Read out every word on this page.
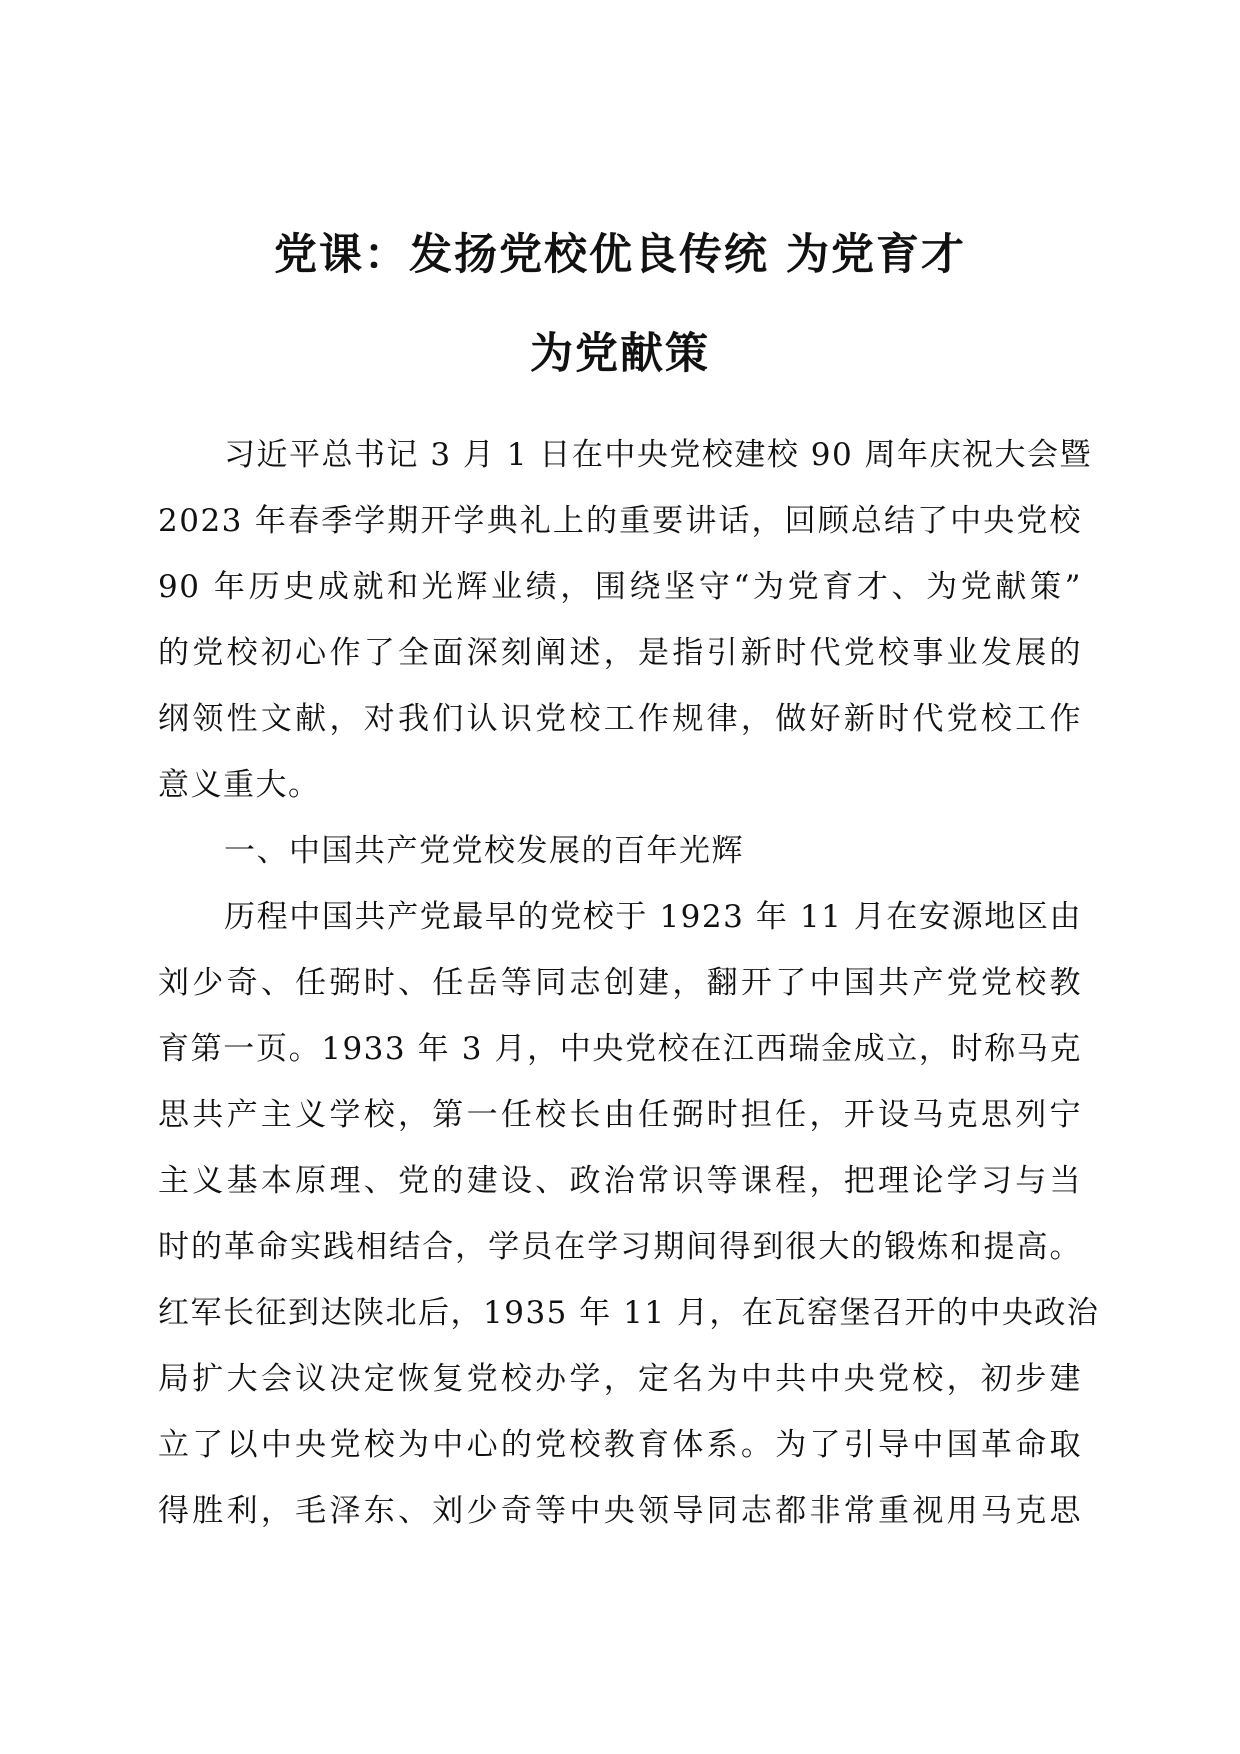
党课：发扬党校优良传统 为党育才
为党献策
习近平总书记 3 月 1 日在中央党校建校 90 周年庆祝大会暨
2023 年春季学期开学典礼上的重要讲话，回顾总结了中央党校
90 年历史成就和光辉业绩，围绕坚守“为党育才、为党献策”
的党校初心作了全面深刻阐述，是指引新时代党校事业发展的
纲领性文献，对我们认识党校工作规律，做好新时代党校工作
意义重大。
一、中国共产党党校发展的百年光辉
历程中国共产党最早的党校于 1923 年 11 月在安源地区由
刘少奇、任弼时、任岳等同志创建，翻开了中国共产党党校教
育第一页。1933 年 3 月，中央党校在江西瑞金成立，时称马克
思共产主义学校，第一任校长由任弼时担任，开设马克思列宁
主义基本原理、党的建设、政治常识等课程，把理论学习与当
时的革命实践相结合，学员在学习期间得到很大的锻炼和提高。
红军长征到达陕北后，1935 年 11 月，在瓦窑堡召开的中央政治
局扩大会议决定恢复党校办学，定名为中共中央党校，初步建
立了以中央党校为中心的党校教育体系。为了引导中国革命取
得胜利，毛泽东、刘少奇等中央领导同志都非常重视用马克思
